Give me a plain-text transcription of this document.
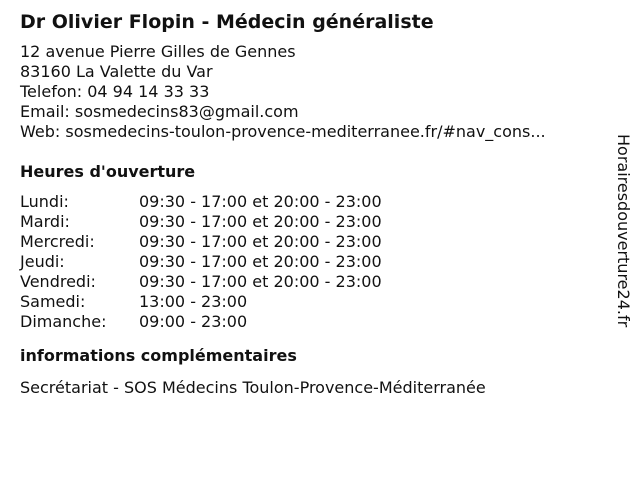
Dr Olivier Flopin - Médecin généraliste
12 avenue Pierre Gilles de Gennes
83160 La Valette du Var
Telefon: 04 94 14 33 33
Email: sosmedecins83@gmail.com
Web: sosmedecins-toulon-provence-mediterranee.fr/#nav_cons...
Heures d'ouverture
Lundi:	09:30 - 17:00 et 20:00 - 23:00
Mardi:	09:30 - 17:00 et 20:00 - 23:00
Mercredi:	09:30 - 17:00 et 20:00 - 23:00
Jeudi:	09:30 - 17:00 et 20:00 - 23:00
Vendredi:	09:30 - 17:00 et 20:00 - 23:00
Samedi:	13:00 - 23:00
Dimanche:	09:00 - 23:00
informations complémentaires
Secrétariat - SOS Médecins Toulon-Provence-Méditerranée
Horairesdouverture24.fr
